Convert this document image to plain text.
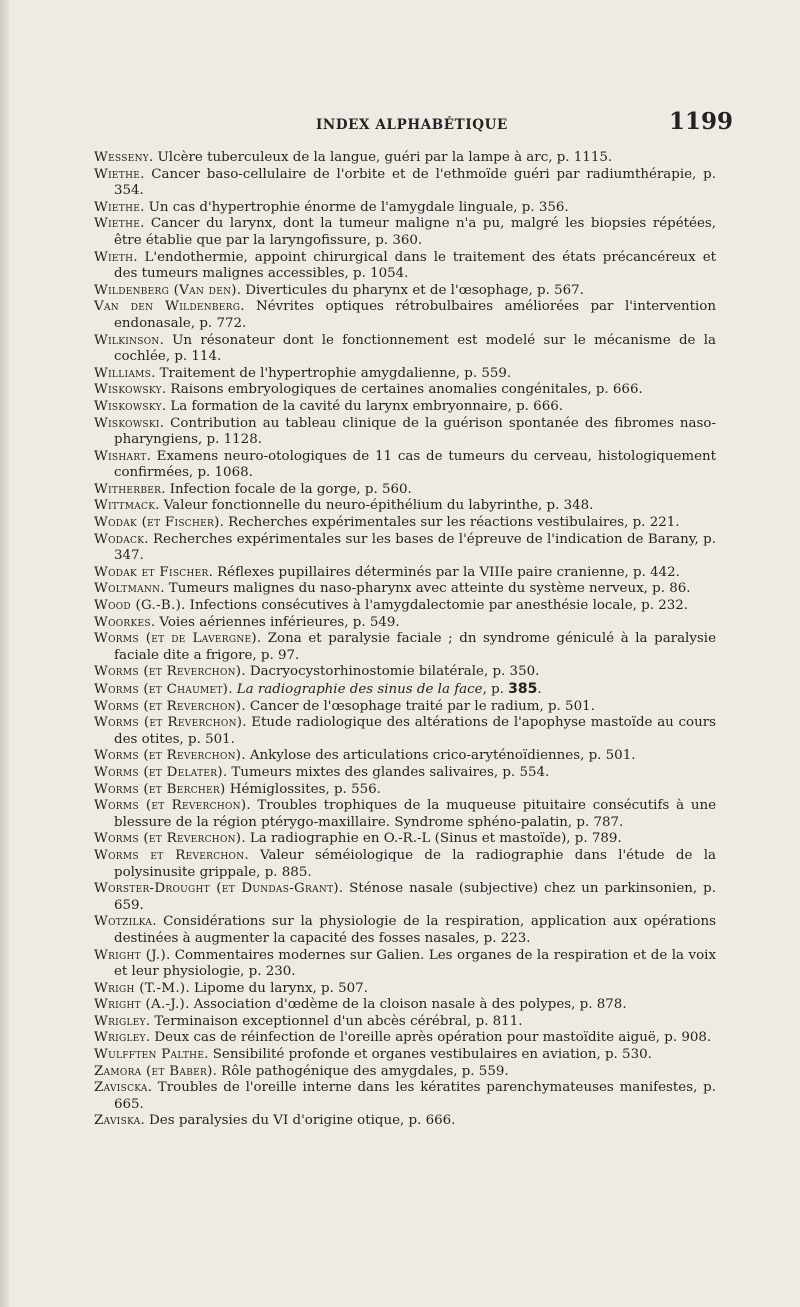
INDEX ALPHABÉTIQUE	1199

Wesseny. Ulcère tuberculeux de la langue, guéri par la lampe à arc, p. 1115.

Wiethe. Cancer baso-cellulaire de l'orbite et de l'ethmoïde guéri par radiumthérapie, p. 354.

Wiethe. Un cas d'hypertrophie énorme de l'amygdale linguale, p. 356.

Wiethe. Cancer du larynx, dont la tumeur maligne n'a pu, malgré les biopsies répétées, être établie que par la laryngofissure, p. 360.

Wieth. L'endothermie, appoint chirurgical dans le traitement des états précancéreux et des tumeurs malignes accessibles, p. 1054.

Wildenberg (Van den). Diverticules du pharynx et de l'œsophage, p. 567.

Van den Wildenberg. Névrites optiques rétrobulbaires améliorées par l'intervention endonasale, p. 772.

Wilkinson. Un résonateur dont le fonctionnement est modelé sur le mécanisme de la cochlée, p. 114.

Williams. Traitement de l'hypertrophie amygdalienne, p. 559.

Wiskowsky. Raisons embryologiques de certaines anomalies congénitales, p. 666.

Wiskowsky. La formation de la cavité du larynx embryonnaire, p. 666.

Wiskowski. Contribution au tableau clinique de la guérison spontanée des fibromes naso-pharyngiens, p. 1128.

Wishart. Examens neuro-otologiques de 11 cas de tumeurs du cerveau, histologiquement confirmées, p. 1068.

Witherber. Infection focale de la gorge, p. 560.

Wittmack. Valeur fonctionnelle du neuro-épithélium du labyrinthe, p. 348.

Wodak (et Fischer). Recherches expérimentales sur les réactions vestibulaires, p. 221.

Wodack. Recherches expérimentales sur les bases de l'épreuve de l'indication de Barany, p. 347.

Wodak et Fischer. Réflexes pupillaires déterminés par la VIIIe paire cranienne, p. 442.

Woltmann. Tumeurs malignes du naso-pharynx avec atteinte du système nerveux, p. 86.

Wood (G.-B.). Infections consécutives à l'amygdalectomie par anesthésie locale, p. 232.

Woorkes. Voies aériennes inférieures, p. 549.

Worms (et de Lavergne). Zona et paralysie faciale ; dn syndrome géniculé à la paralysie faciale dite a frigore, p. 97.

Worms (et Reverchon). Dacryocystorhinostomie bilatérale, p. 350.

Worms (et Chaumet). La radiographie des sinus de la face, p. 385.

Worms (et Reverchon). Cancer de l'œsophage traité par le radium, p. 501.

Worms (et Reverchon). Etude radiologique des altérations de l'apophyse mastoïde au cours des otites, p. 501.

Worms (et Reverchon). Ankylose des articulations crico-aryténoïdiennes, p. 501.

Worms (et Delater). Tumeurs mixtes des glandes salivaires, p. 554.

Worms (et Bercher) Hémiglossites, p. 556.

Worms (et Reverchon). Troubles trophiques de la muqueuse pituitaire consécutifs à une blessure de la région ptérygo-maxillaire. Syndrome sphéno-palatin, p. 787.

Worms (et Reverchon). La radiographie en O.-R.-L (Sinus et mastoïde), p. 789.

Worms et Reverchon. Valeur séméiologique de la radiographie dans l'étude de la polysinusite grippale, p. 885.

Worster-Drought (et Dundas-Grant). Sténose nasale (subjective) chez un parkinsonien, p. 659.

Wotzilka. Considérations sur la physiologie de la respiration, application aux opérations destinées à augmenter la capacité des fosses nasales, p. 223.

Wright (J.). Commentaires modernes sur Galien. Les organes de la respiration et de la voix et leur physiologie, p. 230.

Wrigh (T.-M.). Lipome du larynx, p. 507.

Wright (A.-J.). Association d'œdème de la cloison nasale à des polypes, p. 878.

Wrigley. Terminaison exceptionnel d'un abcès cérébral, p. 811.

Wrigley. Deux cas de réinfection de l'oreille après opération pour mastoïdite aiguë, p. 908.

Wulfften Palthe. Sensibilité profonde et organes vestibulaires en aviation, p. 530.

Zamora (et Baber). Rôle pathogénique des amygdales, p. 559.

Zaviscka. Troubles de l'oreille interne dans les kératites parenchymateuses manifestes, p. 665.

Zaviska. Des paralysies du VI d'origine otique, p. 666.
